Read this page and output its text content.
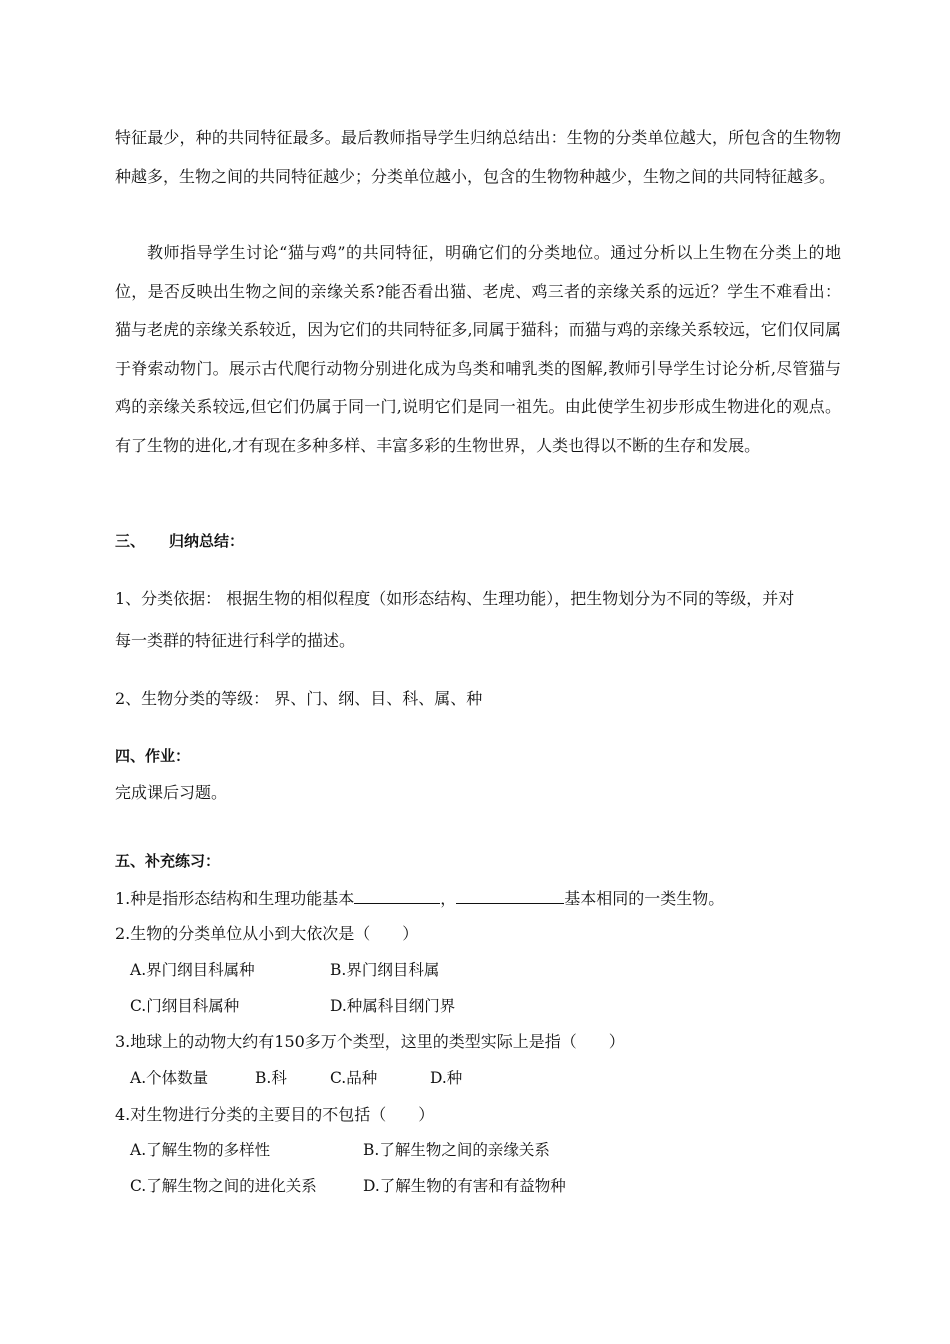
特征最少，种的共同特征最多。最后教师指导学生归纳总结出：生物的分类单位越大，所包含的生物物种越多，生物之间的共同特征越少；分类单位越小，包含的生物物种越少，生物之间的共同特征越多。

教师指导学生讨论“猫与鸡”的共同特征，明确它们的分类地位。通过分析以上生物在分类上的地位，是否反映出生物之间的亲缘关系?能否看出猫、老虎、鸡三者的亲缘关系的远近？学生不难看出：猫与老虎的亲缘关系较近，因为它们的共同特征多,同属于猫科；而猫与鸡的亲缘关系较远，它们仅同属于脊索动物门。展示古代爬行动物分别进化成为鸟类和哺乳类的图解,教师引导学生讨论分析,尽管猫与鸡的亲缘关系较远,但它们仍属于同一门,说明它们是同一祖先。由此使学生初步形成生物进化的观点。有了生物的进化,才有现在多种多样、丰富多彩的生物世界，人类也得以不断的生存和发展。

三、 归纳总结：
1、分类依据： 根据生物的相似程度（如形态结构、生理功能），把生物划分为不同的等级，并对
每一类群的特征进行科学的描述。
2、生物分类的等级： 界、门、纲、目、科、属、种
四、作业：
完成课后习题。
五、补充练习：
1.种是指形态结构和生理功能基本	，	基本相同的一类生物。
2.生物的分类单位从小到大依次是（　　）
A.界门纲目科属种	B.界门纲目科属
C.门纲目科属种	D.种属科目纲门界
3.地球上的动物大约有150多万个类型，这里的类型实际上是指（　　）
A.个体数量	B.科	C.品种	D.种
4.对生物进行分类的主要目的不包括（　　）
A.了解生物的多样性	B.了解生物之间的亲缘关系
C.了解生物之间的进化关系	D.了解生物的有害和有益物种
